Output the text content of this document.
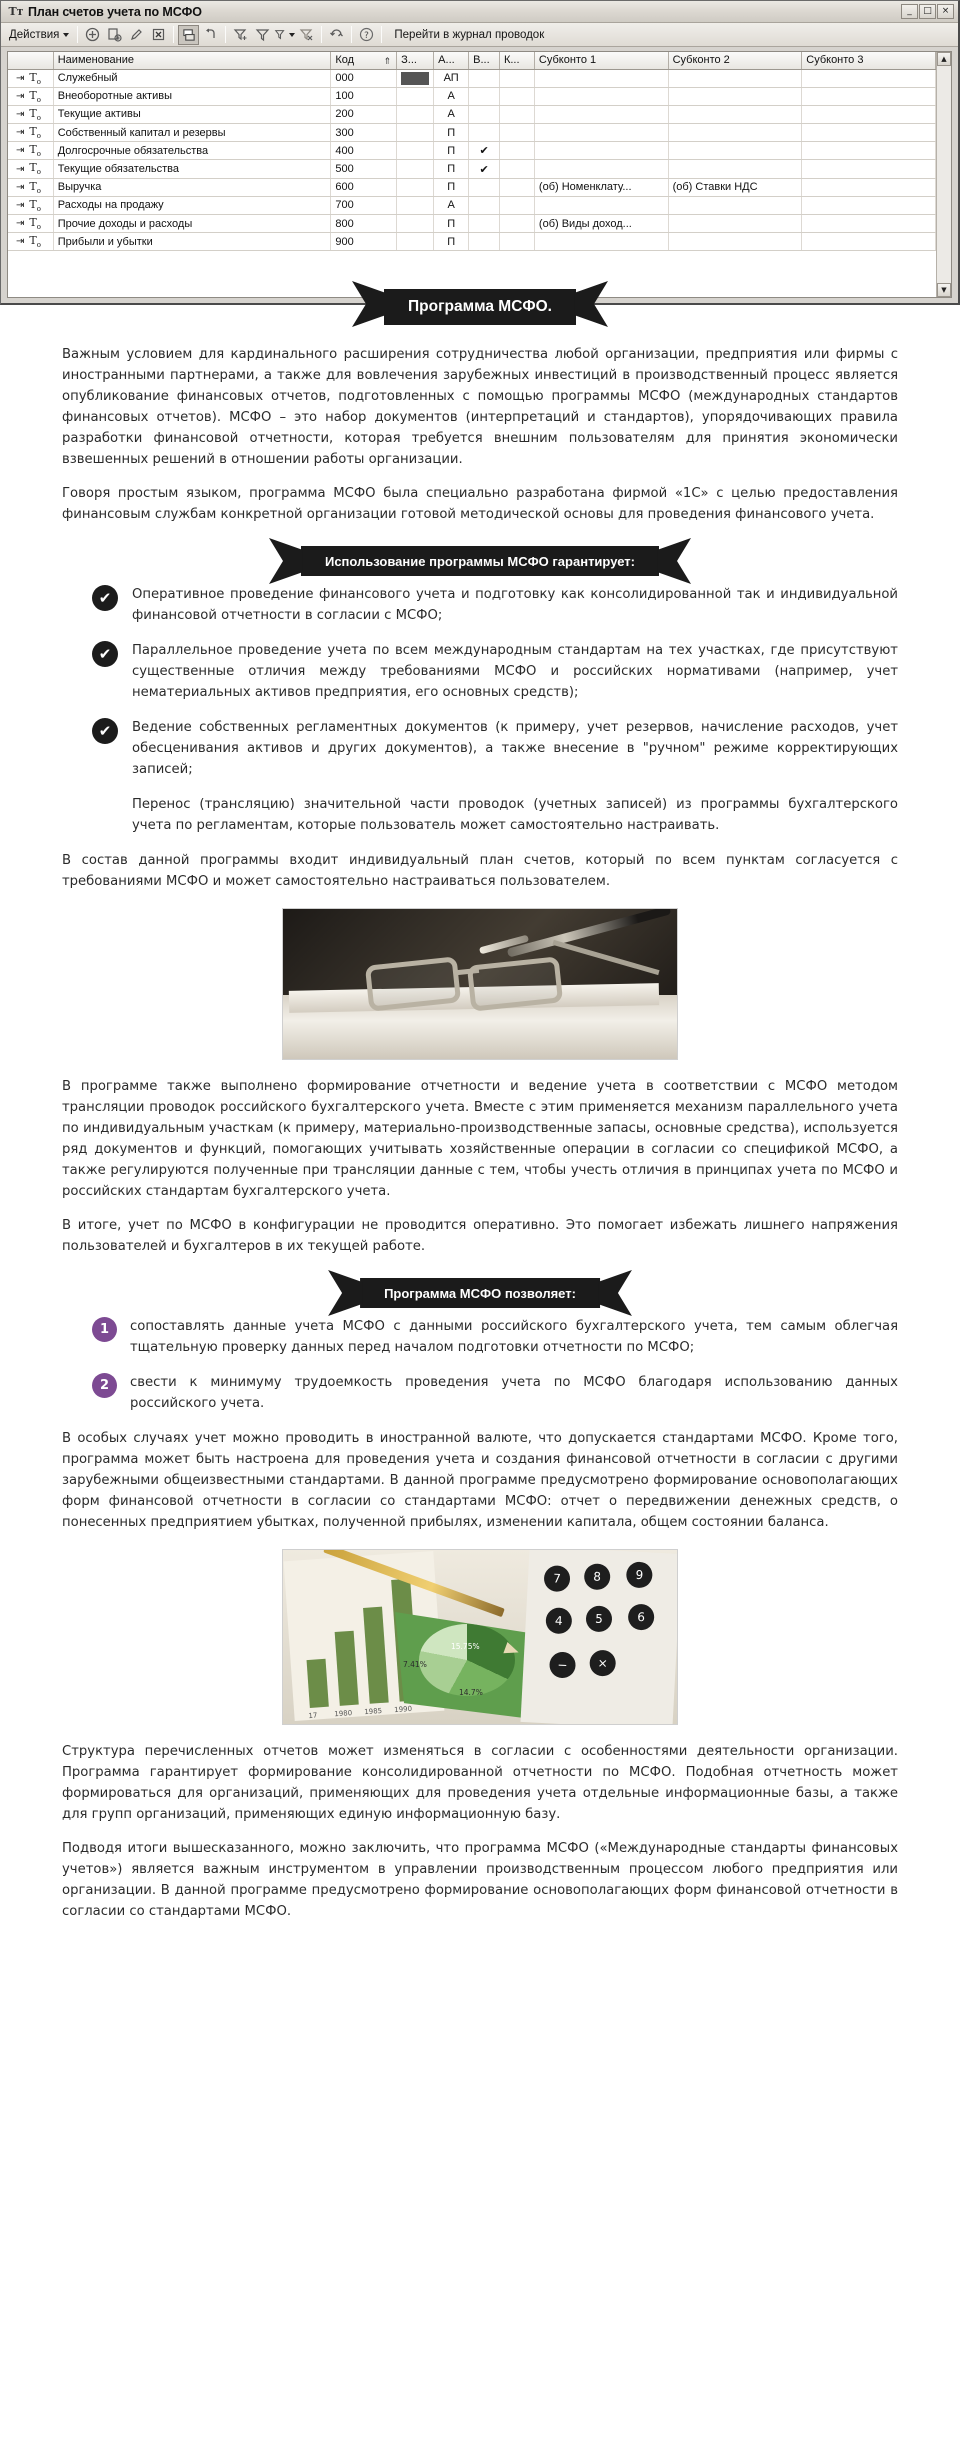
Тт План счетов учета по МСФО	_	□	×
Действия	?	Перейти в журнал проводок
	Наименование	Код ⇑	З...	А...	В...	К...	Субконто 1	Субконто 2	Субконто 3

⇥ $T_o$	Служебный	000		АП					

⇥ $T_o$	Внеоборотные активы	100		А					

⇥ $T_o$	Текущие активы	200		А					

⇥ $T_o$	Собственный капитал и резервы	300		П					

⇥ $T_o$	Долгосрочные обязательства	400		П	✔				

⇥ $T_o$	Текущие обязательства	500		П	✔				

⇥ $T_o$	Выручка	600		П			(об) Номенклату...	(об) Ставки НДС	

⇥ $T_o$	Расходы на продажу	700		А					

⇥ $T_o$	Прочие доходы и расходы	800		П			(об) Виды доход...		

⇥ $T_o$	Прибыли и убытки	900		П					
▲
▼
Программа МСФО.

Важным условием для кардинального расширения сотрудничества любой организации, предприятия или фирмы с иностранными партнерами, а также для вовлечения зарубежных инвестиций в производственный процесс является опубликование финансовых отчетов, подготовленных с помощью программы МСФО (международных стандартов финансовых отчетов). МСФО – это набор документов (интерпретаций и стандартов), упорядочивающих правила разработки финансовой отчетности, которая требуется внешним пользователям для принятия экономически взвешенных решений в отношении работы организации.

Говоря простым языком, программа МСФО была специально разработана фирмой «1С» с целью предоставления финансовым службам конкретной организации готовой методической основы для проведения финансового учета.

Использование программы МСФО гарантирует:
✔	Оперативное проведение финансового учета и подготовку как консолидированной так и индивидуальной финансовой отчетности в согласии с МСФО;

✔	Параллельное проведение учета по всем международным стандартам на тех участках, где присутствуют существенные отличия между требованиями МСФО и российских нормативами (например, учет нематериальных активов предприятия, его основных средств);

✔	Ведение собственных регламентных документов (к примеру, учет резервов, начисление расходов, учет обесценивания активов и других документов), а также внесение в "ручном" режиме корректирующих записей;

Перенос (трансляцию) значительной части проводок (учетных записей) из программы бухгалтерского учета по регламентам, которые пользователь может самостоятельно настраивать.

В состав данной программы входит индивидуальный план счетов, который по всем пунктам согласуется с требованиями МСФО и может самостоятельно настраиваться пользователем.

В программе также выполнено формирование отчетности и ведение учета в соответствии с МСФО методом трансляции проводок российского бухгалтерского учета. Вместе с этим применяется механизм параллельного учета по индивидуальным участкам (к примеру, материально-производственные запасы, основные средства), используется ряд документов и функций, помогающих учитывать хозяйственные операции в согласии со спецификой МСФО, а также регулируются полученные при трансляции данные с тем, чтобы учесть отличия в принципах учета по МСФО и российских стандартам бухгалтерского учета.

В итоге, учет по МСФО в конфигурации не проводится оперативно. Это помогает избежать лишнего напряжения пользователей и бухгалтеров в их текущей работе.

Программа МСФО позволяет:
1	сопоставлять данные учета МСФО с данными российского бухгалтерского учета, тем самым облегчая тщательную проверку данных перед началом подготовки отчетности по МСФО;

2	свести к минимуму трудоемкость проведения учета по МСФО благодаря использованию данных российского учета.

В особых случаях учет можно проводить в иностранной валюте, что допускается стандартами МСФО. Кроме того, программа может быть настроена для проведения учета и создания финансовой отчетности в согласии с другими зарубежными общеизвестными стандартами. В данной программе предусмотрено формирование основополагающих форм финансовой отчетности в согласии со стандартами МСФО: отчет о передвижении денежных средств, о понесенных предприятием убытках, полученной прибылях, изменении капитала, общем состоянии баланса.

17 1980 1985 1990
7.41%
15.75%
14.7%
7	8	9
4	5	6
−	×

Структура перечисленных отчетов может изменяться в согласии с особенностями деятельности организации. Программа гарантирует формирование консолидированной отчетности по МСФО. Подобная отчетность может формироваться для организаций, применяющих для проведения учета отдельные информационные базы, а также для групп организаций, применяющих единую информационную базу.

Подводя итоги вышесказанного, можно заключить, что программа МСФО («Международные стандарты финансовых учетов») является важным инструментом в управлении производственным процессом любого предприятия или организации. В данной программе предусмотрено формирование основополагающих форм финансовой отчетности в согласии со стандартами МСФО.
